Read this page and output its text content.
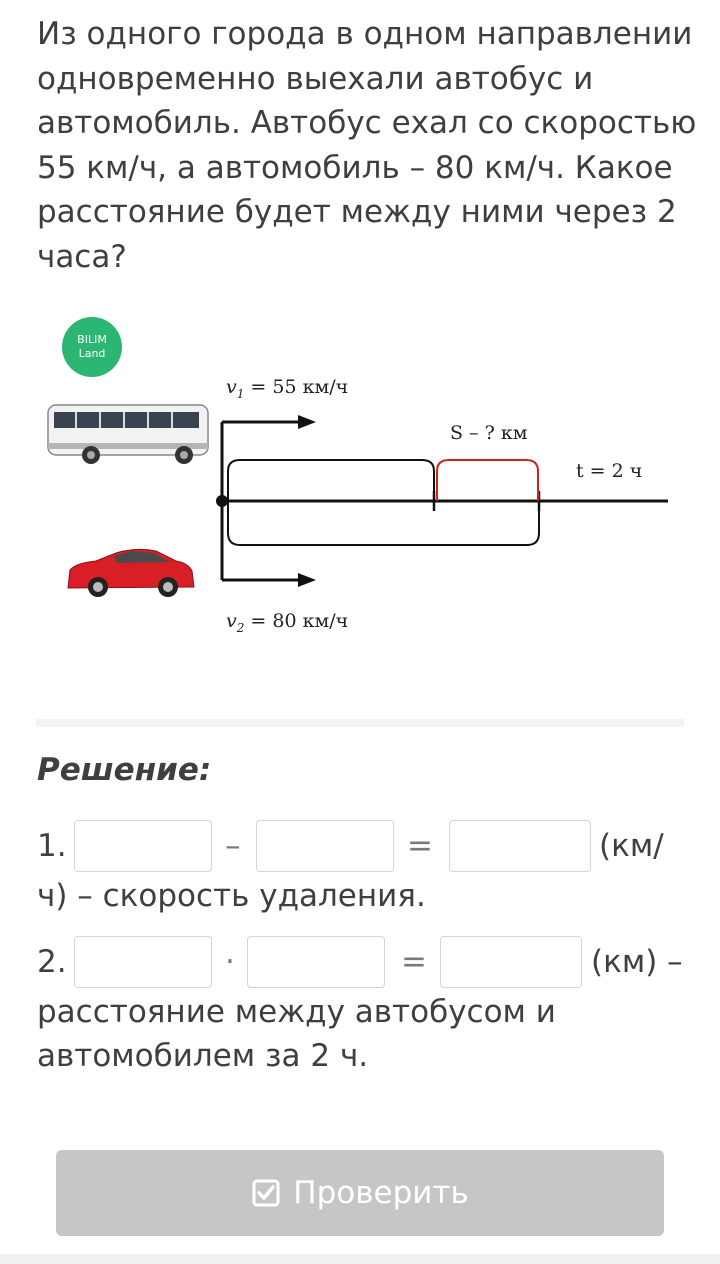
Из одного города в одном направлении
одновременно выехали автобус и
автомобиль. Автобус ехал со скоростью
55 км/ч, а автомобиль – 80 км/ч. Какое
расстояние будет между ними через 2
часа?

BILIM
Land
$v_1 = 55$ км/ч
S – ? км
t = 2 ч
$v_2 = 80$ км/ч
Решение:
1.	–	=	(км/
ч) – скорость удаления.
2.	·	=	(км) –
расстояние между автобусом и
автомобилем за 2 ч.
Проверить
